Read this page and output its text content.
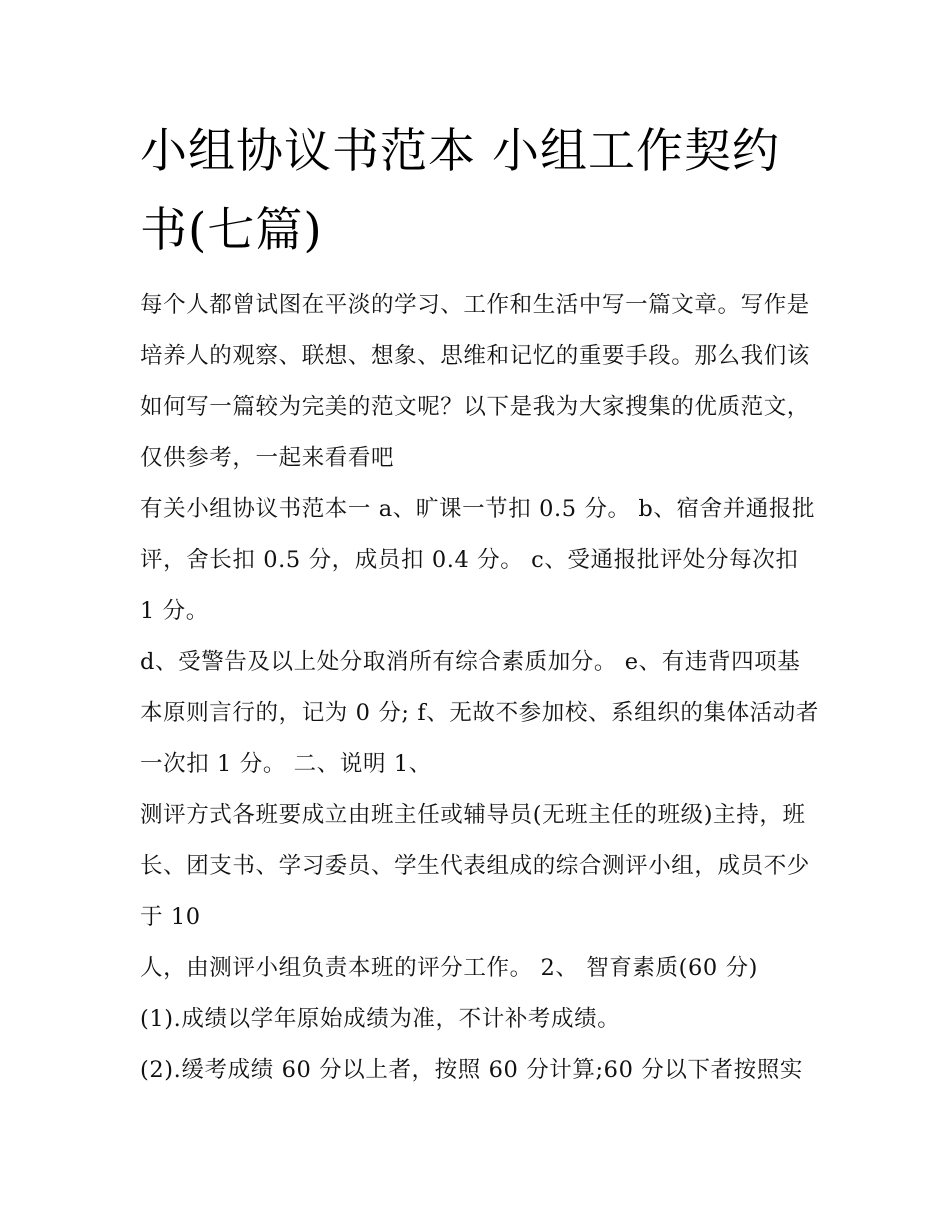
小组协议书范本 小组工作契约书(七篇)

每个人都曾试图在平淡的学习、工作和生活中写一篇文章。写作是培养人的观察、联想、想象、思维和记忆的重要手段。那么我们该如何写一篇较为完美的范文呢？以下是我为大家搜集的优质范文，仅供参考，一起来看看吧

有关小组协议书范本一 a、旷课一节扣 0.5 分。 b、宿舍并通报批评，舍长扣 0.5 分，成员扣 0.4 分。 c、受通报批评处分每次扣 1 分。

d、受警告及以上处分取消所有综合素质加分。 e、有违背四项基本原则言行的，记为 0 分; f、无故不参加校、系组织的集体活动者一次扣 1 分。 二、说明 1、

测评方式各班要成立由班主任或辅导员(无班主任的班级)主持，班长、团支书、学习委员、学生代表组成的综合测评小组，成员不少于 10

人，由测评小组负责本班的评分工作。 2、 智育素质(60 分)

(1).成绩以学年原始成绩为准，不计补考成绩。

(2).缓考成绩 60 分以上者，按照 60 分计算;60 分以下者按照实
